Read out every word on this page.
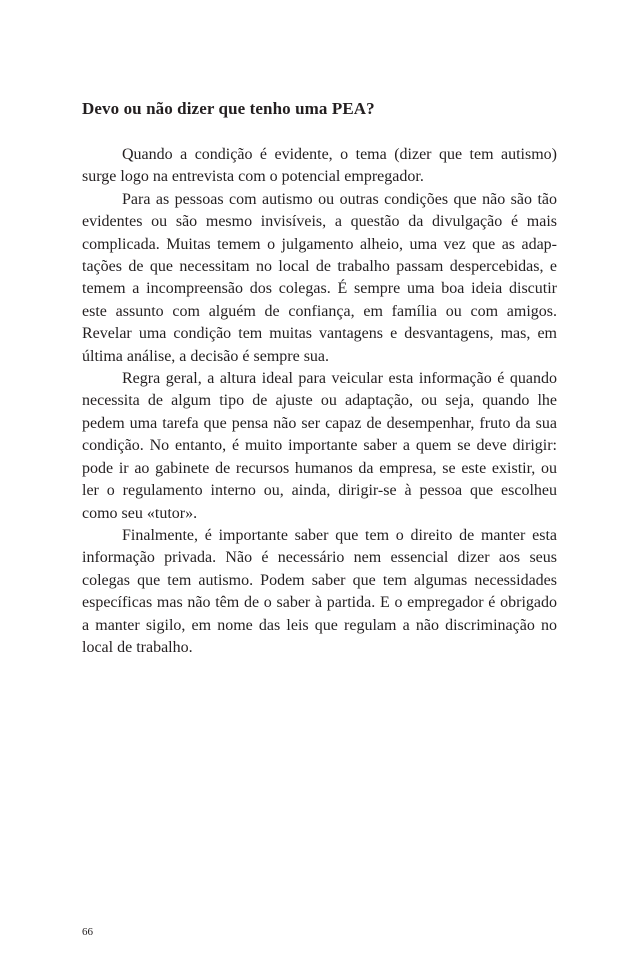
Devo ou não dizer que tenho uma PEA?

Quando a condição é evidente, o tema (dizer que tem autismo) surge logo na entrevista com o potencial empregador.

Para as pessoas com autismo ou outras condições que não são tão evidentes ou são mesmo invisíveis, a questão da divulgação é mais complicada. Muitas temem o julgamento alheio, uma vez que as adaptações de que necessitam no local de trabalho passam despercebidas, e temem a incompreensão dos colegas. É sempre uma boa ideia discutir este assunto com alguém de confiança, em família ou com amigos. Revelar uma condição tem muitas vantagens e desvantagens, mas, em última análise, a decisão é sempre sua.

Regra geral, a altura ideal para veicular esta informação é quando necessita de algum tipo de ajuste ou adaptação, ou seja, quando lhe pedem uma tarefa que pensa não ser capaz de desempenhar, fruto da sua condição. No entanto, é muito importante saber a quem se deve dirigir: pode ir ao gabinete de recursos humanos da empresa, se este existir, ou ler o regulamento interno ou, ainda, dirigir-se à pessoa que escolheu como seu «tutor».

Finalmente, é importante saber que tem o direito de manter esta informação privada. Não é necessário nem essencial dizer aos seus colegas que tem autismo. Podem saber que tem algumas necessidades específicas mas não têm de o saber à partida. E o empregador é obrigado a manter sigilo, em nome das leis que regulam a não discriminação no local de trabalho.

66
